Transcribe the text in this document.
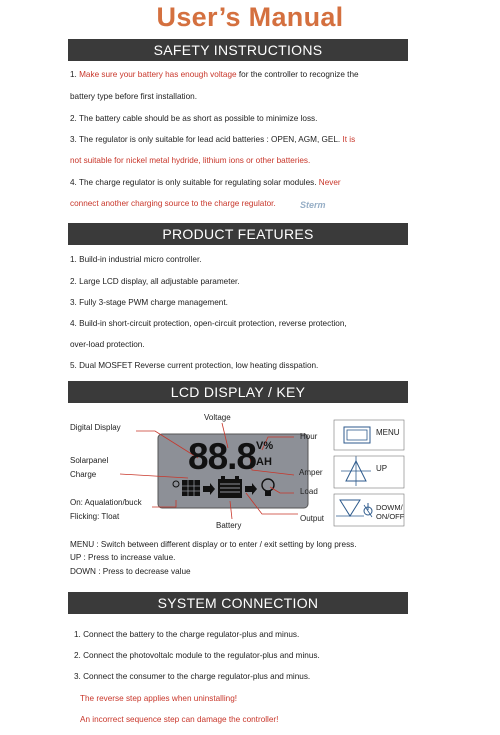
User’s Manual
SAFETY INSTRUCTIONS
1. Make sure your battery has enough voltage for the controller to recognize the
battery type before first installation.
2. The battery cable should be as short as possible to minimize loss.
3. The regulator is only suitable for lead acid batteries : OPEN, AGM, GEL. It is
not suitable for nickel metal hydride, lithium ions or other batteries.
4. The charge regulator is only suitable for regulating solar modules. Never
connect another charging source to the charge regulator.	Sterm
PRODUCT FEATURES
1. Build-in industrial micro controller.
2. Large LCD display, all adjustable parameter.
3. Fully 3-stage PWM charge management.
4. Build-in short-circuit protection, open-circuit protection, reverse protection,
over-load protection.
5. Dual MOSFET Reverse current protection, low heating disspation.
LCD DISPLAY / KEY
88.8 V%
AH
Voltage
Digital Display
Hour
Solarpanel
Charge	Amper
Load
On: Aqualation/buck
Flicking: Tloat	Output
Battery
MENU
UP
DOWM/
ON/OFF
MENU : Switch between different display or to enter / exit setting by long press.
UP : Press to increase value.
DOWN : Press to decrease value
SYSTEM CONNECTION
1. Connect the battery to the charge regulator-plus and minus.
2. Connect the photovoltalc module to the regulator-plus and minus.
3. Connect the consumer to the charge regulator-plus and minus.
The reverse step applies when uninstalling!
An incorrect sequence step can damage the controller!
